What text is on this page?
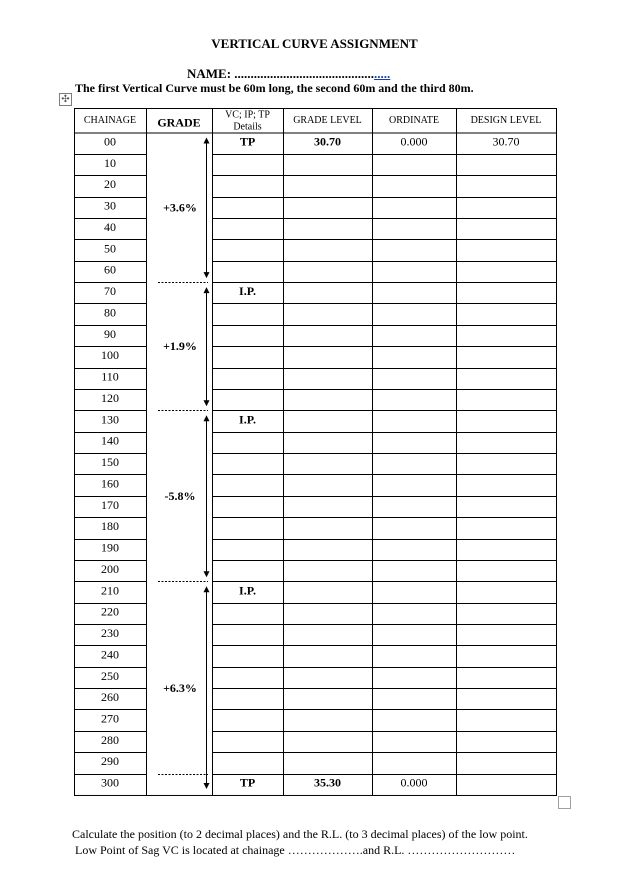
VERTICAL CURVE ASSIGNMENT
NAME: ................................................
The first Vertical Curve must be 60m long, the second 60m and the third 80m.
✣
CHAINAGE GRADE
VC; IP; TP
Details
GRADE LEVEL	ORDINATE	DESIGN LEVEL
00
10
20
30
40
50
60
70
80
90
100
110
120
130
140
150
160
170
180
190
200
210
220
230
240
250
260
270
280
290
300
+3.6%
+1.9%
-5.8%
+6.3%
TP
I.P.
I.P.
I.P.
TP
30.70
35.30
0.000
0.000
30.70
Calculate the position (to 2 decimal places) and the R.L. (to 3 decimal places) of the low point.
Low Point of Sag VC is located at chainage ……………….and R.L. ………………………
